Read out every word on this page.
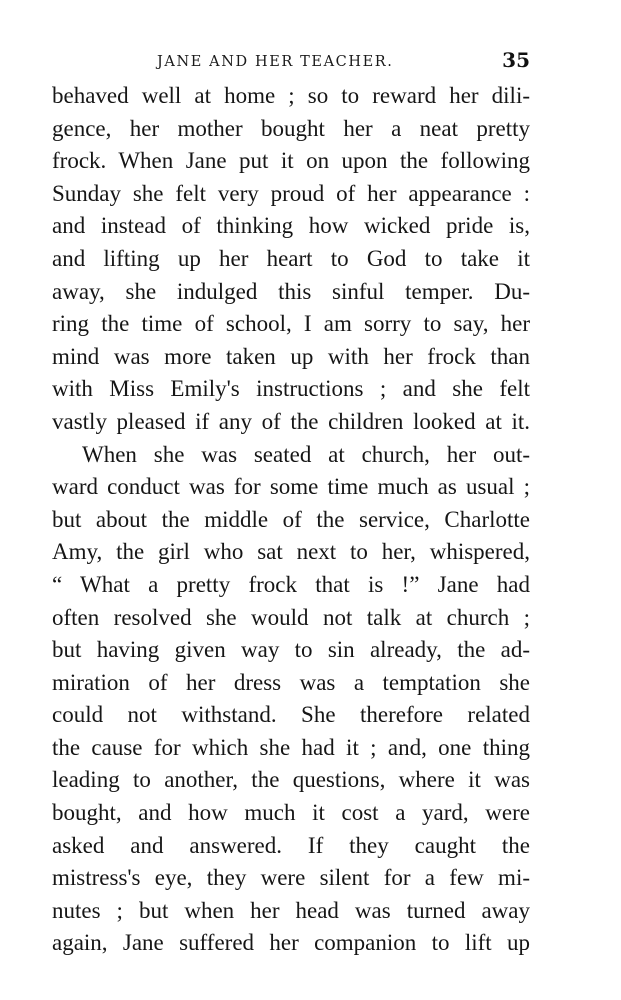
JANE AND HER TEACHER.	35
behaved well at home ; so to reward her dili-
gence, her mother bought her a neat pretty
frock. When Jane put it on upon the following
Sunday she felt very proud of her appearance :
and instead of thinking how wicked pride is,
and lifting up her heart to God to take it
away, she indulged this sinful temper. Du-
ring the time of school, I am sorry to say, her
mind was more taken up with her frock than
with Miss Emily's instructions ; and she felt
vastly pleased if any of the children looked at it.
When she was seated at church, her out-
ward conduct was for some time much as usual ;
but about the middle of the service, Charlotte
Amy, the girl who sat next to her, whispered,
“ What a pretty frock that is !” Jane had
often resolved she would not talk at church ;
but having given way to sin already, the ad-
miration of her dress was a temptation she
could not withstand. She therefore related
the cause for which she had it ; and, one thing
leading to another, the questions, where it was
bought, and how much it cost a yard, were
asked and answered. If they caught the
mistress's eye, they were silent for a few mi-
nutes ; but when her head was turned away
again, Jane suffered her companion to lift up
